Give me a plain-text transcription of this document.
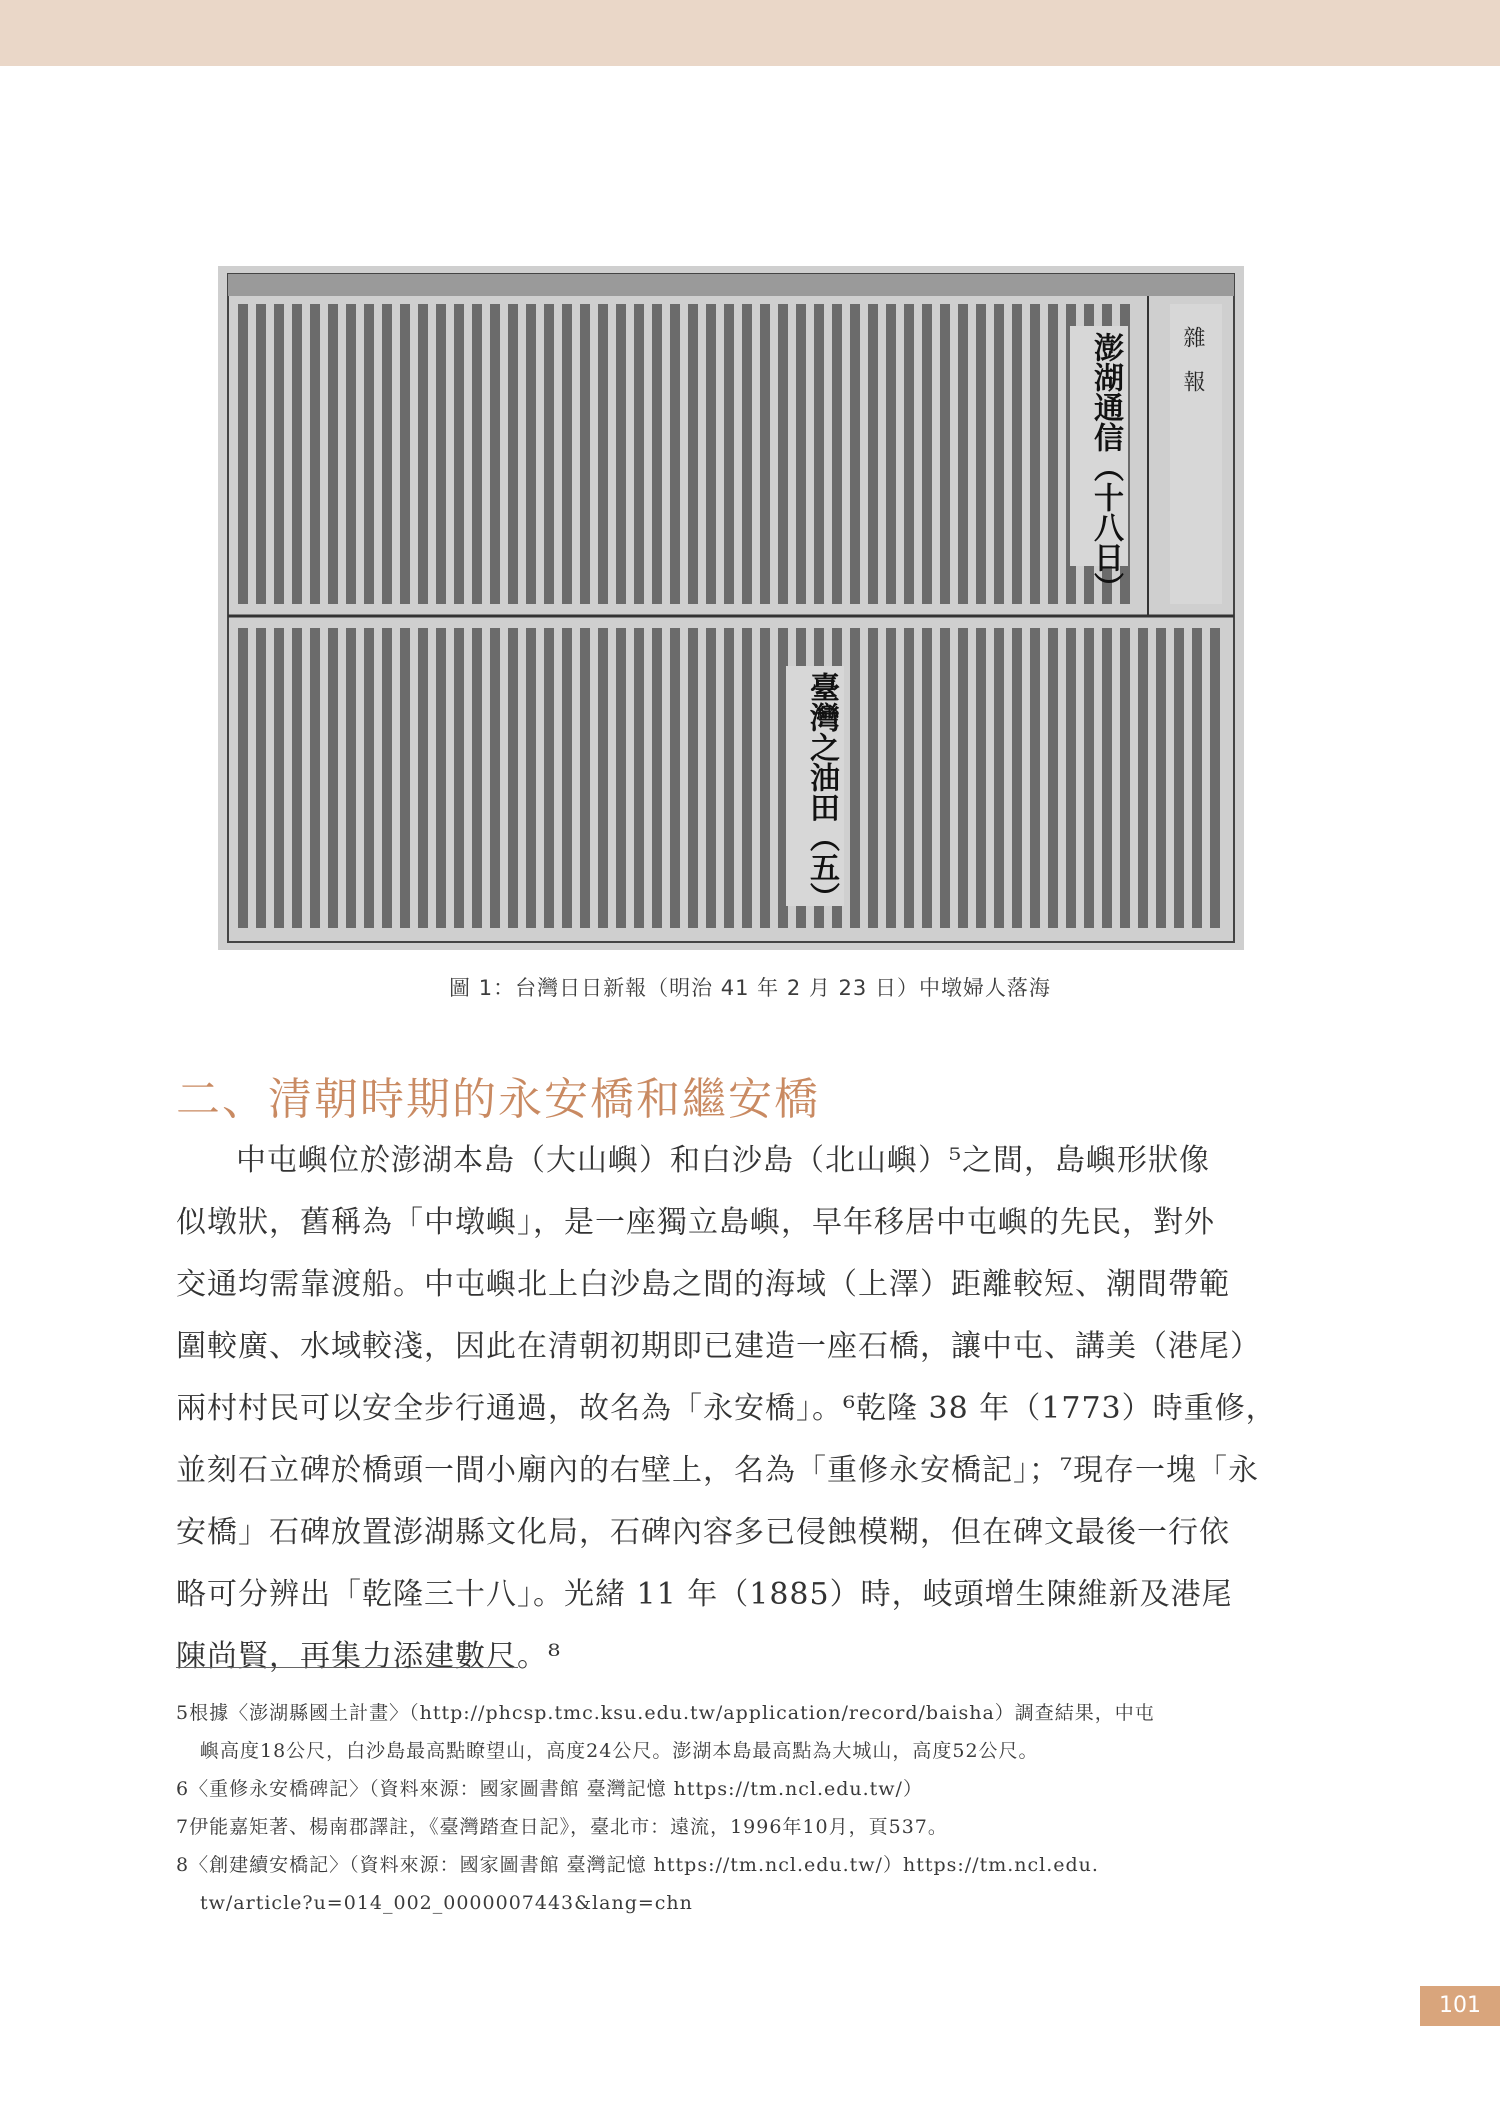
雜　報
澎湖通信（十八日）
臺灣之油田（五）
圖 1：台灣日日新報（明治 41 年 2 月 23 日）中墩婦人落海
二、清朝時期的永安橋和繼安橋
中屯嶼位於澎湖本島（大山嶼）和白沙島（北山嶼）⁵之間，島嶼形狀像
似墩狀，舊稱為「中墩嶼」，是一座獨立島嶼，早年移居中屯嶼的先民，對外
交通均需靠渡船。中屯嶼北上白沙島之間的海域（上澤）距離較短、潮間帶範
圍較廣、水域較淺，因此在清朝初期即已建造一座石橋，讓中屯、講美（港尾）
兩村村民可以安全步行通過，故名為「永安橋」。⁶乾隆 38 年（1773）時重修，
並刻石立碑於橋頭一間小廟內的右壁上，名為「重修永安橋記」；⁷現存一塊「永
安橋」石碑放置澎湖縣文化局，石碑內容多已侵蝕模糊，但在碑文最後一行依
略可分辨出「乾隆三十八」。光緒 11 年（1885）時，岐頭增生陳維新及港尾
陳尚賢，再集力添建數尺。⁸
5根據〈澎湖縣國土計畫〉（http://phcsp.tmc.ksu.edu.tw/application/record/baisha）調查結果，中屯
嶼高度18公尺，白沙島最高點瞭望山，高度24公尺。澎湖本島最高點為大城山，高度52公尺。
6〈重修永安橋碑記〉（資料來源：國家圖書館 臺灣記憶 https://tm.ncl.edu.tw/）
7伊能嘉矩著、楊南郡譯註，《臺灣踏查日記》，臺北市：遠流，1996年10月，頁537。
8〈創建續安橋記〉（資料來源：國家圖書館 臺灣記憶 https://tm.ncl.edu.tw/）https://tm.ncl.edu.
tw/article?u=014_002_0000007443&lang=chn
101
